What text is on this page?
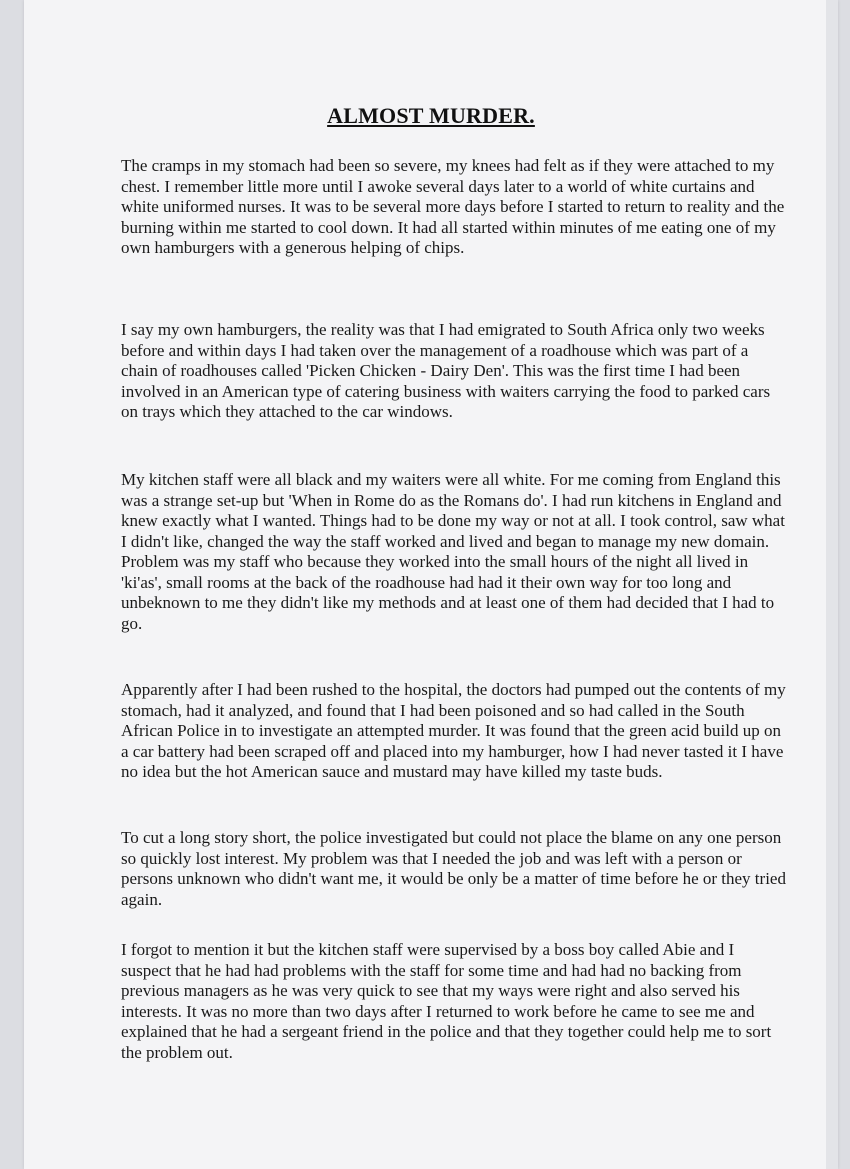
ALMOST MURDER.

The cramps in my stomach had been so severe, my knees had felt as if they were attached to my chest. I remember little more until I awoke several days later to a world of white curtains and white uniformed nurses. It was to be several more days before I started to return to reality and the burning within me started to cool down. It had all started within minutes of me eating one of my own hamburgers with a generous helping of chips.

I say my own hamburgers, the reality was that I had emigrated to South Africa only two weeks before and within days I had taken over the management of a roadhouse which was part of a chain of roadhouses called 'Picken Chicken - Dairy Den'. This was the first time I had been involved in an American type of catering business with waiters carrying the food to parked cars on trays which they attached to the car windows.

My kitchen staff were all black and my waiters were all white. For me coming from England this was a strange set-up but 'When in Rome do as the Romans do'. I had run kitchens in England and knew exactly what I wanted. Things had to be done my way or not at all. I took control, saw what I didn't like, changed the way the staff worked and lived and began to manage my new domain. Problem was my staff who because they worked into the small hours of the night all lived in 'ki'as', small rooms at the back of the roadhouse had had it their own way for too long and unbeknown to me they didn't like my methods and at least one of them had decided that I had to go.

Apparently after I had been rushed to the hospital, the doctors had pumped out the contents of my stomach, had it analyzed, and found that I had been poisoned and so had called in the South African Police in to investigate an attempted murder. It was found that the green acid build up on a car battery had been scraped off and placed into my hamburger, how I had never tasted it I have no idea but the hot American sauce and mustard may have killed my taste buds.

To cut a long story short, the police investigated but could not place the blame on any one person so quickly lost interest. My problem was that I needed the job and was left with a person or persons unknown who didn't want me, it would be only be a matter of time before he or they tried again.

I forgot to mention it but the kitchen staff were supervised by a boss boy called Abie and I suspect that he had had problems with the staff for some time and had had no backing from previous managers as he was very quick to see that my ways were right and also served his interests. It was no more than two days after I returned to work before he came to see me and explained that he had a sergeant friend in the police and that they together could help me to sort the problem out.
